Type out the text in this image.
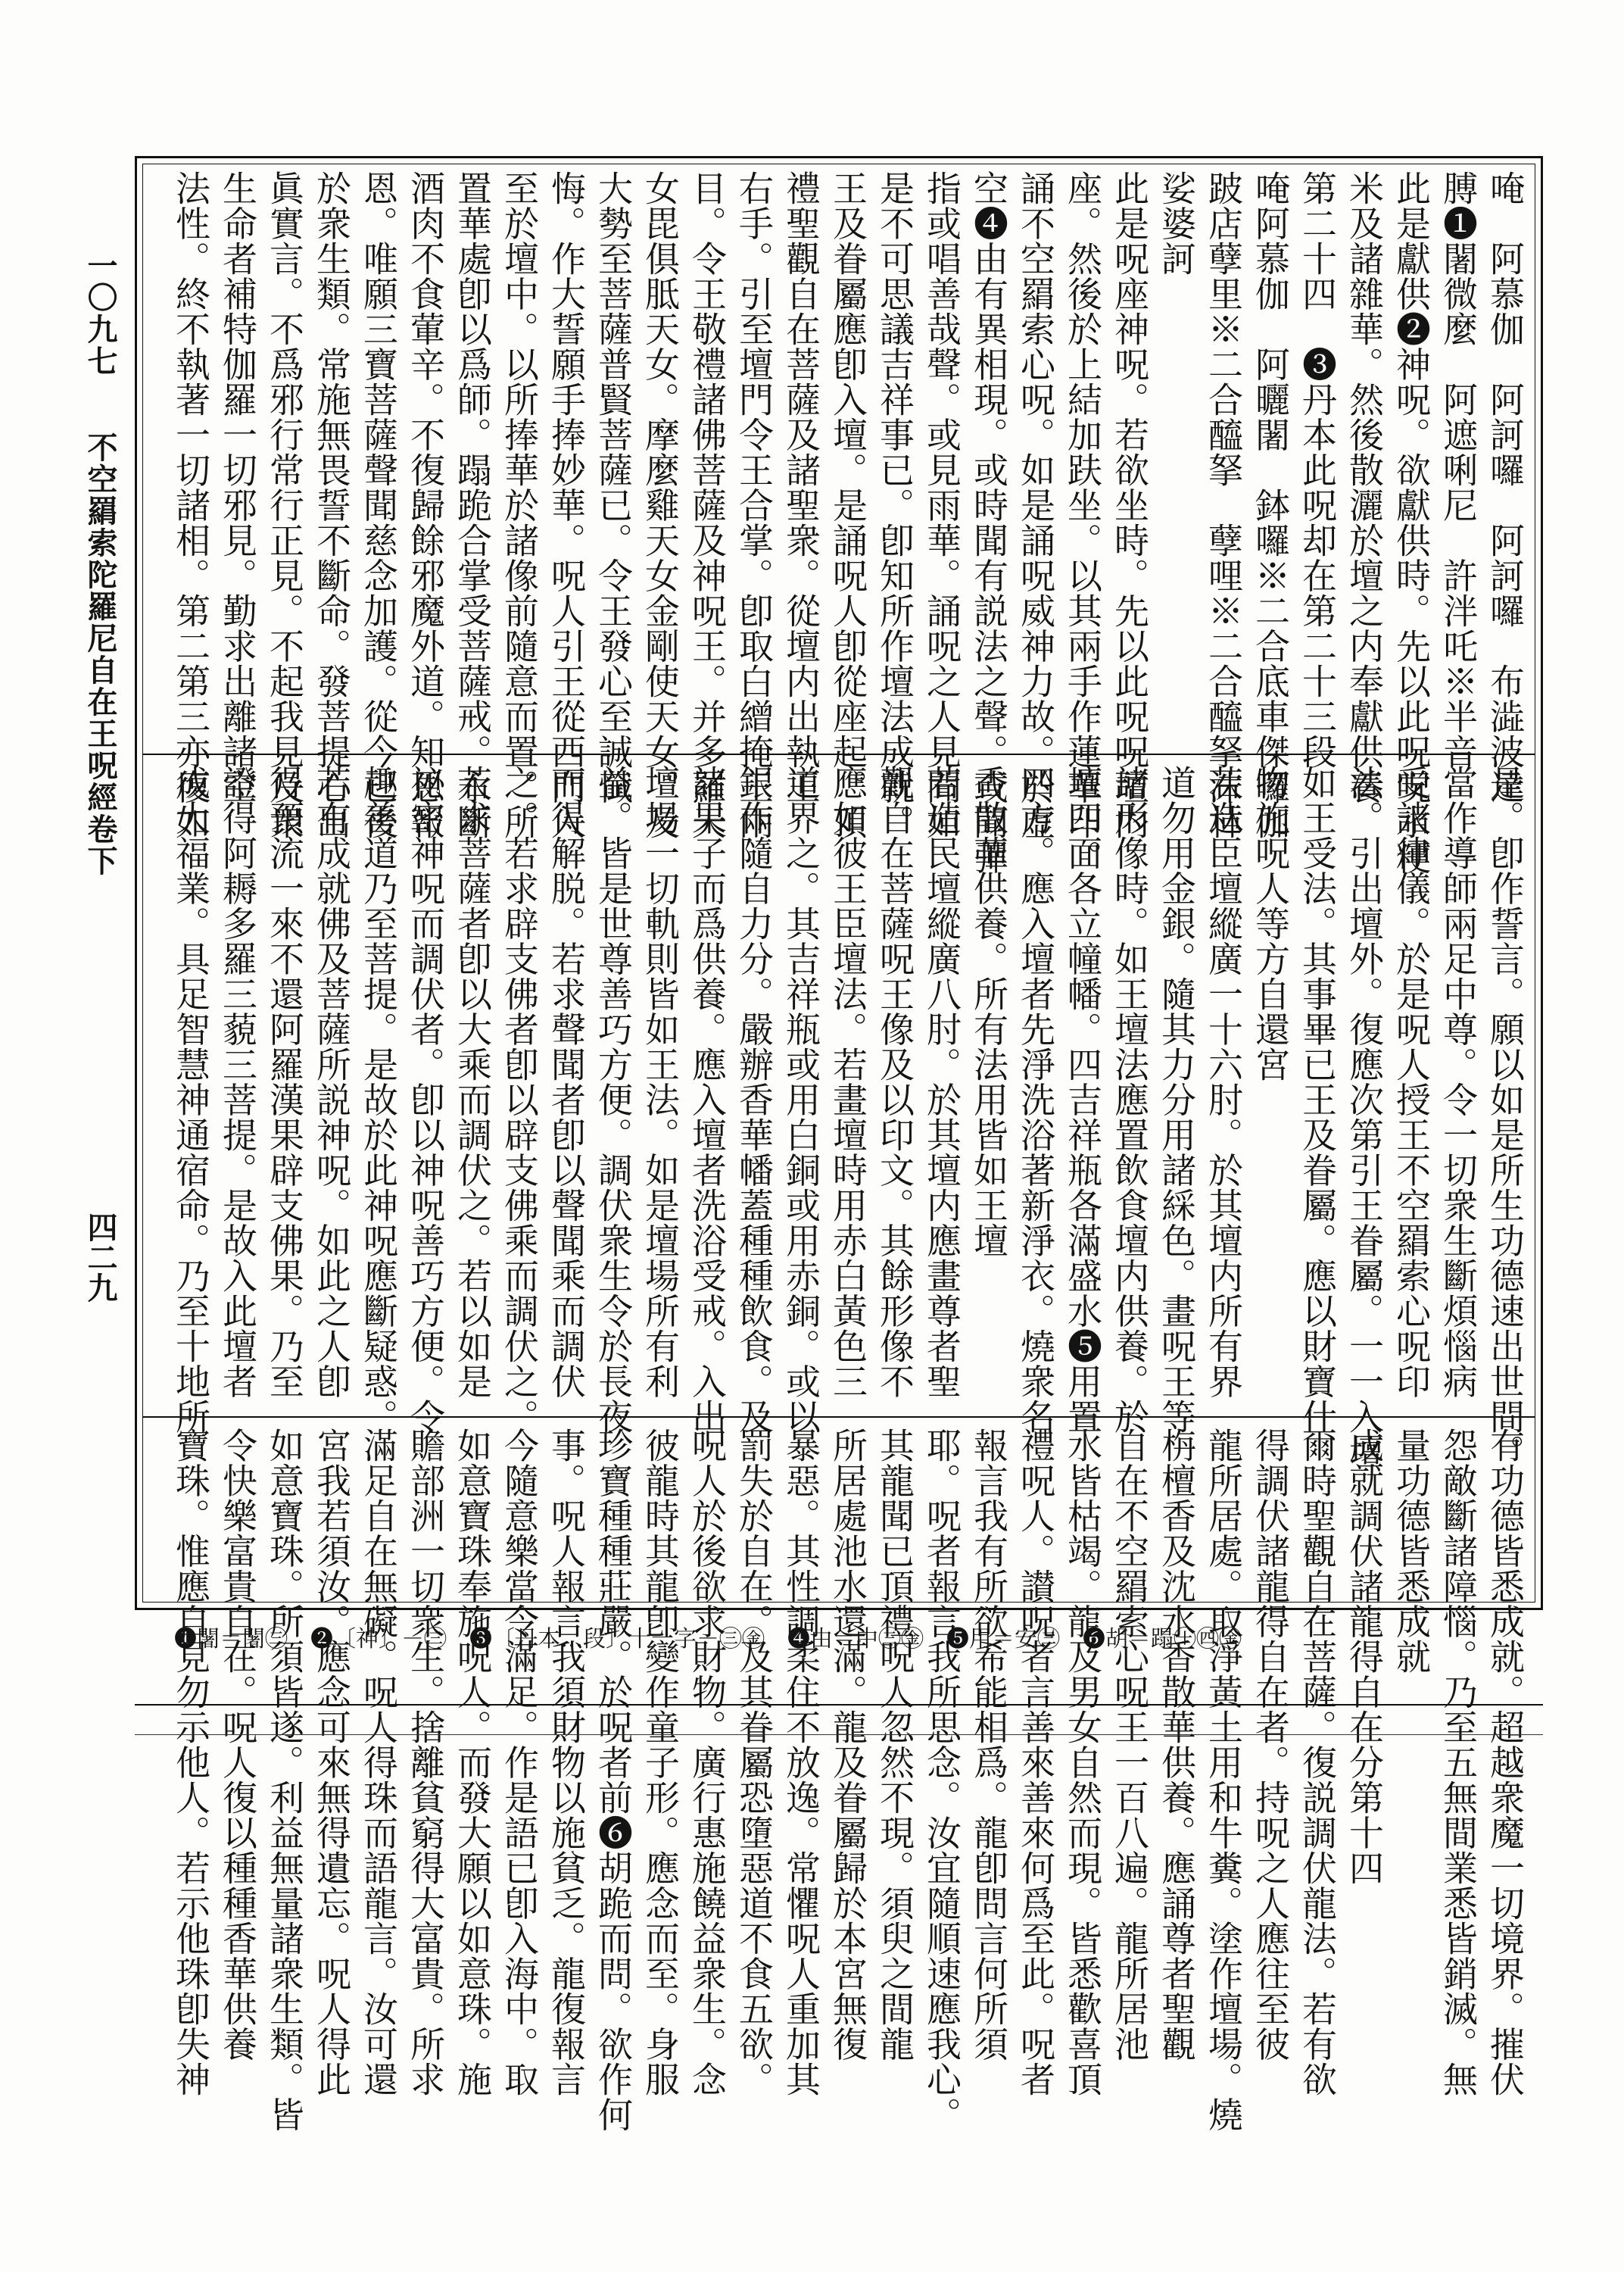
一〇九七  不空羂索陀羅尼自在王呪經卷下
四二九
唵　阿慕伽　阿訶囉　阿訶囉　布澁波達
膊❶闍微麼　阿遮唎尼　許泮吒※半音
此是獻供❷神呪。欲獻供時。先以此呪呪水粳
米及諸雜華。然後散灑於壇之内奉獻供養
第二十四　❸丹本此呪却在第二十三段
唵阿慕伽　阿曬闍　鉢囉※二合底車傑囉伽
跛店孽里※二合醯拏　孽哩※二合醯拏沫林
娑婆訶
此是呪座神呪。若欲坐時。先以此呪呪壇内
座。然後於上結加趺坐。以其兩手作蓮華印。
誦不空羂索心呪。如是誦呪威神力故。於虚
空❹由有異相現。或時聞有説法之聲。或聞彈
指或唱善哉聲。或見雨華。誦呪之人見聞如
是不可思議吉祥事已。卽知所作壇法成就。
王及眷屬應卽入壇。是誦呪人卽從座起。頂
禮聖觀自在菩薩及諸聖衆。從壇内出執王
右手。引至壇門令王合掌。卽取白繒掩王兩
目。令王敬禮諸佛菩薩及神呪王。并多羅天
女毘俱胝天女。摩麼雞天女金剛使天女。及
大勢至菩薩普賢菩薩已。令王發心至誠懺
悔。作大誓願手捧妙華。呪人引王從西門入
至於壇中。以所捧華於諸像前隨意而置。所
置華處卽以爲師。蹋跪合掌受菩薩戒。永斷
酒肉不食葷辛。不復歸餘邪魔外道。知恩報
恩。唯願三寶菩薩聲聞慈念加護。從今已後
於衆生類。常施無畏誓不斷命。發菩提心出
眞實言。不爲邪行常行正見。不起我見及衆
生命者補特伽羅一切邪見。勤求出離諸空
法性。終不執著一切諸相。第二第三亦復如
是。卽作誓言。願以如是所生功德速出世間。
當作導師兩足中尊。令一切衆生斷煩惱病
受諸律儀。於是呪人授王不空羂索心呪印
法。引出壇外。復應次第引王眷屬。一一入壇
如王受法。其事畢已王及眷屬。應以財寶什
物施呪人等方自還宮
若造臣壇縱廣一十六肘。於其壇内所有界
道勿用金銀。隨其力分用諸綵色。畫呪王等
諸形像時。如王壇法應置飲食壇内供養。於
壇四面各立幢幡。四吉祥瓶各滿盛水❺用置
四方。應入壇者先淨洗浴著新淨衣。燒衆名
香散華供養。所有法用皆如王壇
若造民壇縱廣八肘。於其壇内應畫尊者聖
觀自在菩薩呪王像及以印文。其餘形像不
應如彼王臣壇法。若畫壇時用赤白黃色三
道界之。其吉祥瓶或用白銅或用赤銅。或以
銀作隨自力分。嚴辦香華幡蓋種種飲食。及
諸果子而爲供養。應入壇者洗浴受戒。入出
壇場一切軌則皆如王法。如是壇場所有利
益。皆是世尊善巧方便。調伏衆生令於長夜
而得解脱。若求聲聞者卽以聲聞乘而調伏
之。若求辟支佛者卽以辟支佛乘而調伏之。
若求菩薩者卽以大乘而調伏之。若以如是
祕密神呪而調伏者。卽以神呪善巧方便。令
趣善道乃至菩提。是故於此神呪應斷疑惑。
若有成就佛及菩薩所説神呪。如此之人卽
得預流一來不還阿羅漢果辟支佛果。乃至
證得阿耨多羅三藐三菩提。是故入此壇者
成大福業。具足智慧神通宿命。乃至十地所
有功德皆悉成就。超越衆魔一切境界。摧伏
怨敵斷諸障惱。乃至五無間業悉皆銷滅。無
量功德皆悉成就
成就調伏諸龍得自在分第十四
爾時聖觀自在菩薩。復説調伏龍法。若有欲
得調伏諸龍得自在者。持呪之人應往至彼
龍所居處。取淨黃土用和牛糞。塗作壇場。燒
栴檀香及沈水香散華供養。應誦尊者聖觀
自在不空羂索心呪王一百八遍。龍所居池
水皆枯竭。龍及男女自然而現。皆悉歡喜頂
禮呪人。讃呪者言善來善來何爲至此。呪者
報言我有所欲希能相爲。龍卽問言何所須
耶。呪者報言我所思念。汝宜隨順速應我心。
其龍聞已頂禮呪人忽然不現。須臾之間龍
所居處池水還滿。龍及眷屬歸於本宮無復
暴惡。其性調柔住不放逸。常懼呪人重加其
罰失於自在。及其眷屬恐墮惡道不食五欲。
呪人於後欲求財物。廣行惠施饒益衆生。念
彼龍時其龍卽變作童子形。應念而至。身服
珍寶種種莊嚴。於呪者前❻胡跪而問。欲作何
事。呪人報言我須財物以施貧乏。龍復報言
今隨意樂當令滿足。作是語已卽入海中。取
如意寶珠奉施呪人。而發大願以如意珠。施
贍部洲一切衆生。捨離貧窮得大富貴。所求
滿足自在無礙。呪人得珠而語龍言。汝可還
宮我若須汝。應念可來無得遺忘。呪人得此
如意寶珠。所須皆遂。利益無量諸衆生類。皆
令快樂富貴自在。呪人復以種種香華供養
寶珠。惟應自見勿示他人。若示他珠卽失神
❶闍＝闍㊂　❷〔神〕－㊂　❸〔丹本…段〕十一字－㊂㊎　❹由＝中㊂㊎　❺用＝安㊂　❻胡＝蹋㊉㊃㊎
